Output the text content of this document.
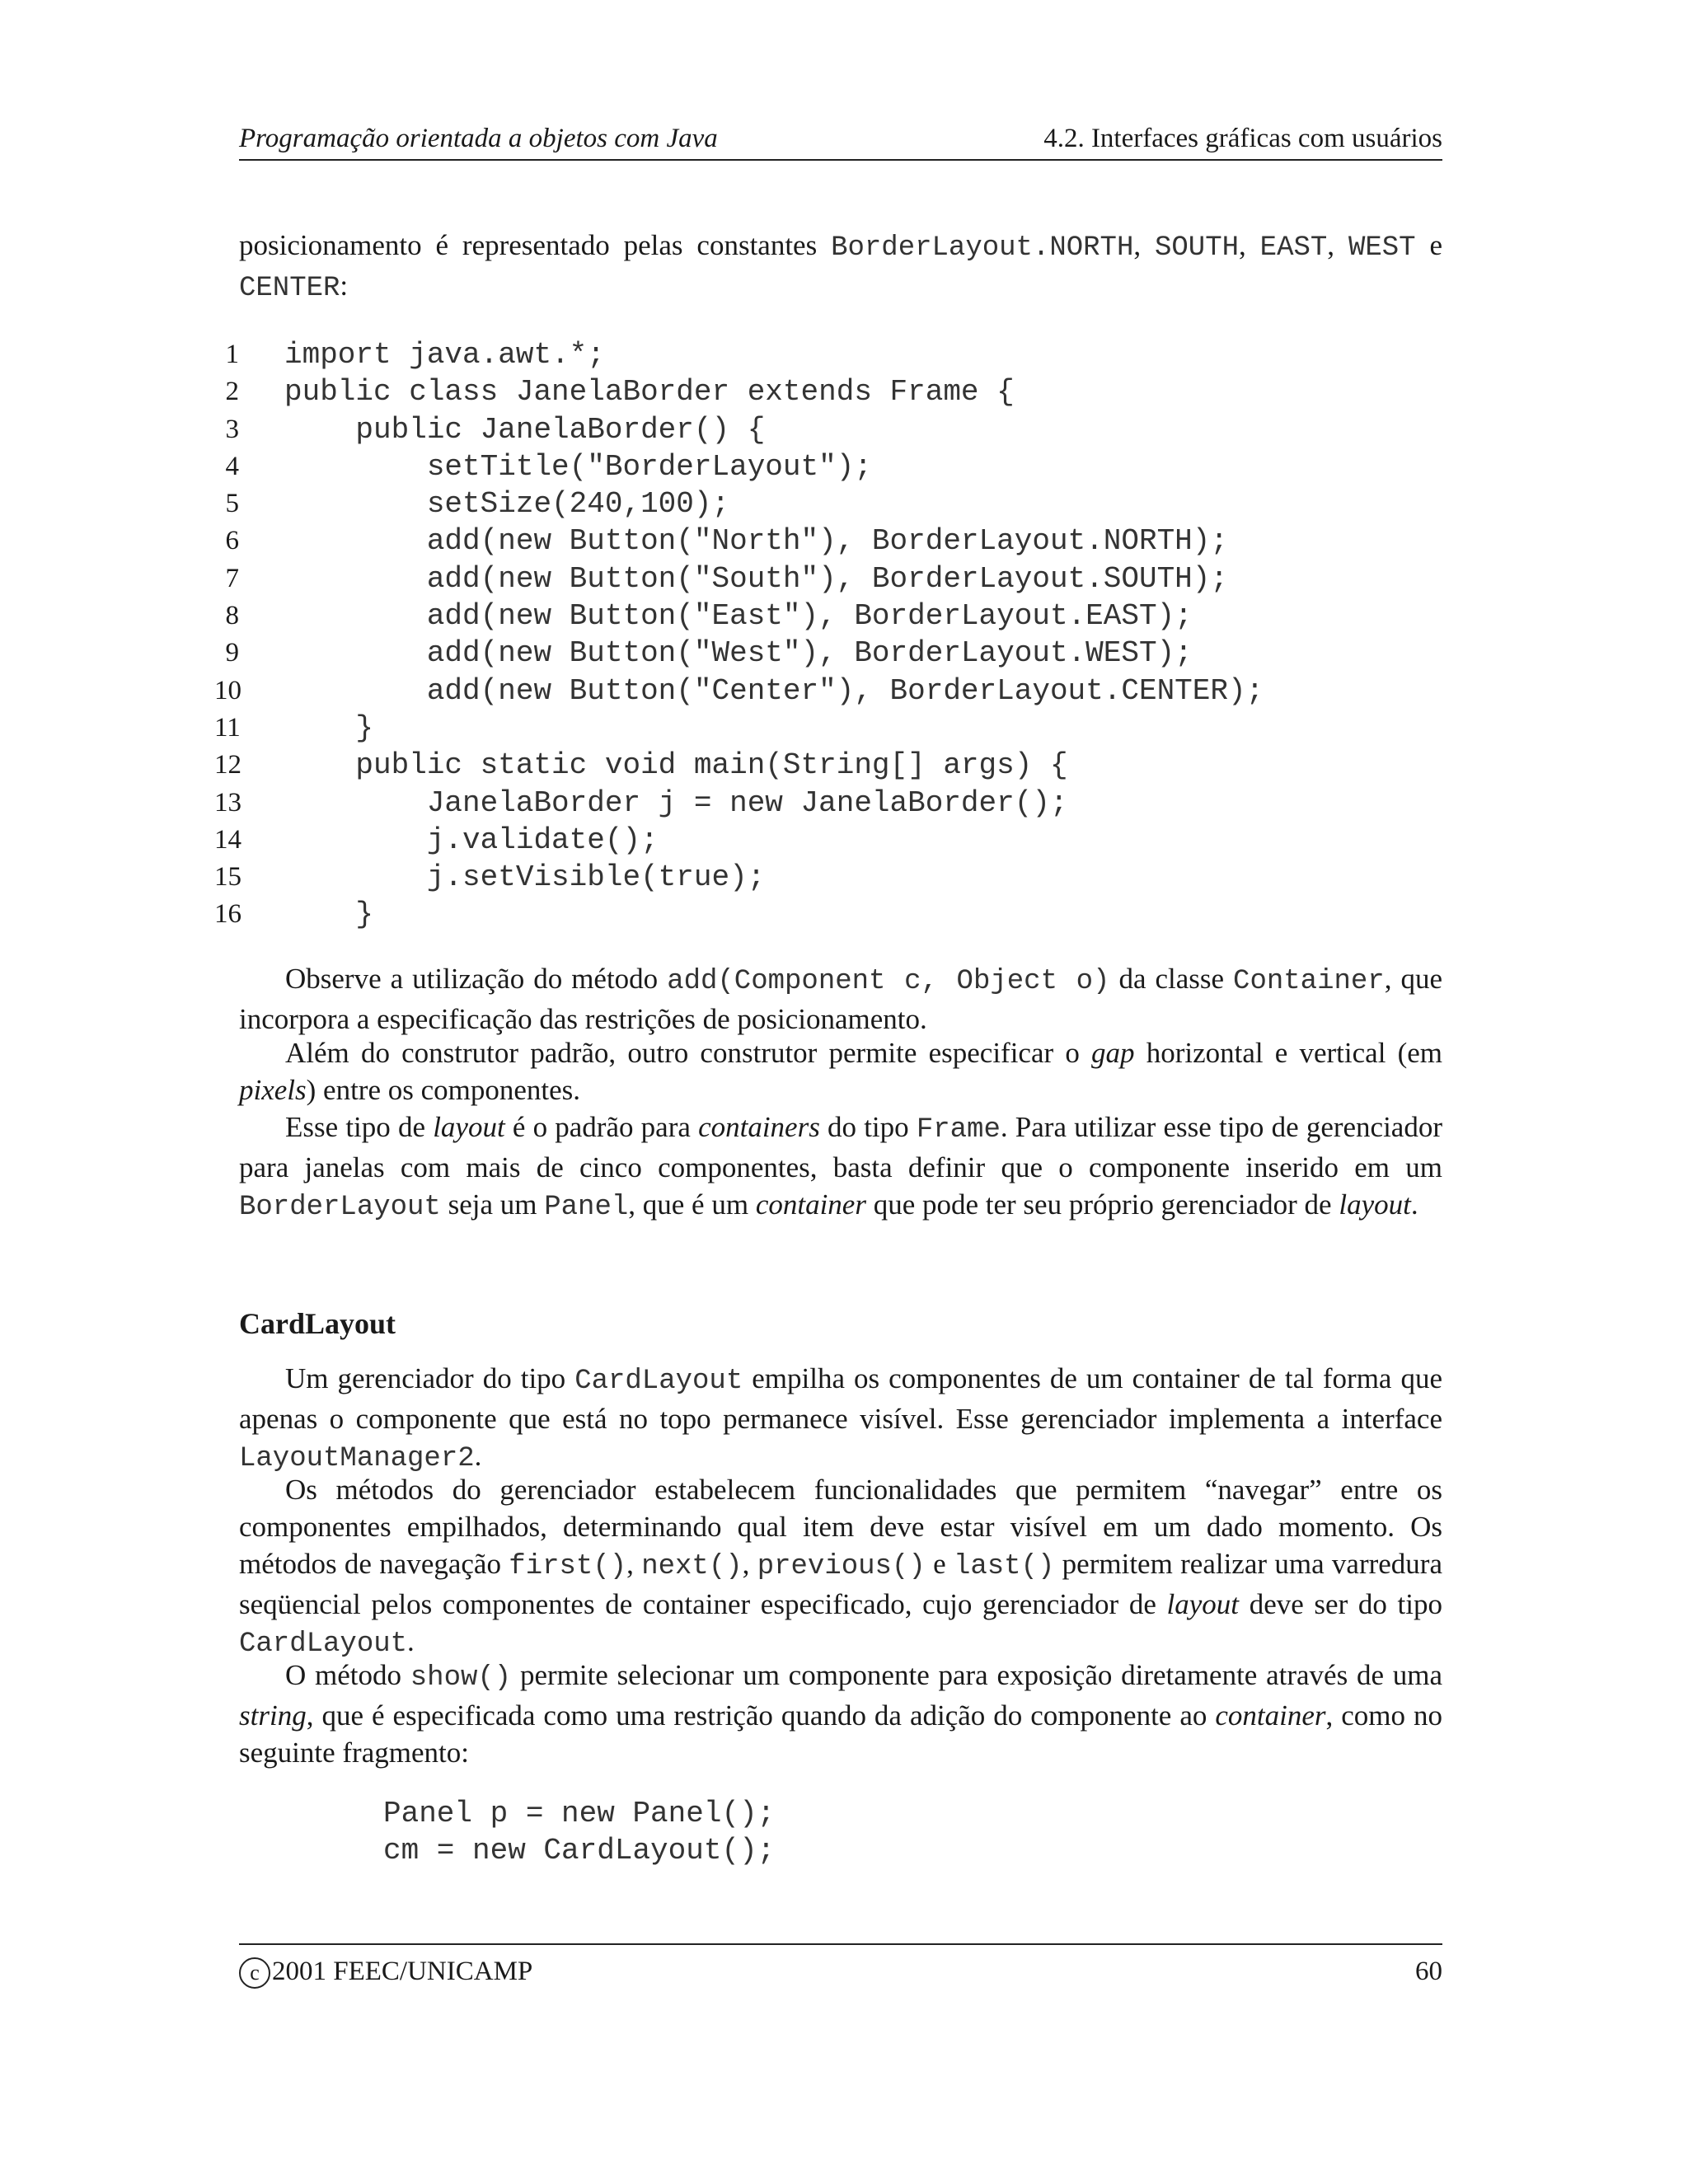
Programação orientada a objetos com Java	4.2. Interfaces gráficas com usuários
posicionamento é representado pelas constantes BorderLayout.NORTH, SOUTH, EAST, WEST e CENTER:
1 import java.awt.*;
2 public class JanelaBorder extends Frame {
3 public JanelaBorder() {
4 setTitle("BorderLayout");
5 setSize(240,100);
6 add(new Button("North"), BorderLayout.NORTH);
7 add(new Button("South"), BorderLayout.SOUTH);
8 add(new Button("East"), BorderLayout.EAST);
9 add(new Button("West"), BorderLayout.WEST);
10 add(new Button("Center"), BorderLayout.CENTER);
11 }
12 public static void main(String[] args) {
13 JanelaBorder j = new JanelaBorder();
14 j.validate();
15 j.setVisible(true);
16 }
Observe a utilização do método add(Component c, Object o) da classe Container, que incorpora a especificação das restrições de posicionamento.
Além do construtor padrão, outro construtor permite especificar o gap horizontal e vertical (em pixels) entre os componentes.
Esse tipo de layout é o padrão para containers do tipo Frame. Para utilizar esse tipo de gerenciador para janelas com mais de cinco componentes, basta definir que o componente inserido em um BorderLayout seja um Panel, que é um container que pode ter seu próprio gerenciador de layout.
CardLayout
Um gerenciador do tipo CardLayout empilha os componentes de um container de tal forma que apenas o componente que está no topo permanece visível. Esse gerenciador implementa a interface LayoutManager2.
Os métodos do gerenciador estabelecem funcionalidades que permitem “navegar” entre os componentes empilhados, determinando qual item deve estar visível em um dado momento. Os métodos de navegação first(), next(), previous() e last() permitem realizar uma varredura seqüencial pelos componentes de container especificado, cujo gerenciador de layout deve ser do tipo CardLayout.
O método show() permite selecionar um componente para exposição diretamente através de uma string, que é especificada como uma restrição quando da adição do componente ao container, como no seguinte fragmento:
Panel p = new Panel();
cm = new CardLayout();
c 2001 FEEC/UNICAMP	60
